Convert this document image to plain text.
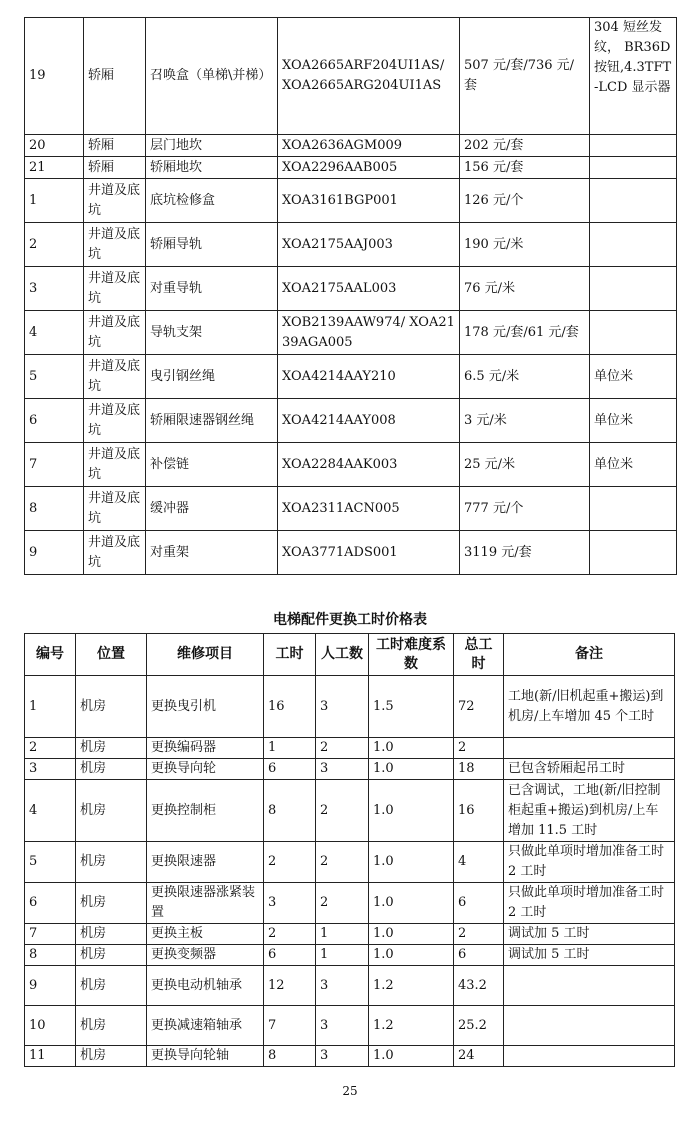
19	轿厢	召唤盒（单梯\并梯）	XOA2665ARF204UI1AS/ XOA2665ARG204UI1AS	507 元/套/736 元/套	304 短丝发纹， BR36D 按钮,4.3TFT-LCD 显示器
20	轿厢	层门地坎	XOA2636AGM009	202 元/套	
21	轿厢	轿厢地坎	XOA2296AAB005	156 元/套	
1	井道及底坑	底坑检修盒	XOA3161BGP001	126 元/个	
2	井道及底坑	轿厢导轨	XOA2175AAJ003	190 元/米	
3	井道及底坑	对重导轨	XOA2175AAL003	76 元/米	
4	井道及底坑	导轨支架	XOB2139AAW974/ XOA2139AGA005	178 元/套/61 元/套	
5	井道及底坑	曳引钢丝绳	XOA4214AAY210	6.5 元/米	单位米
6	井道及底坑	轿厢限速器钢丝绳	XOA4214AAY008	3 元/米	单位米
7	井道及底坑	补偿链	XOA2284AAK003	25 元/米	单位米
8	井道及底坑	缓冲器	XOA2311ACN005	777 元/个	
9	井道及底坑	对重架	XOA3771ADS001	3119 元/套	
电梯配件更换工时价格表
编号	位置	维修项目	工时	人工数	工时难度系数	总工时	备注
1	机房	更换曳引机	16	3	1.5	72	工地(新/旧机起重+搬运)到机房/上车增加 45 个工时
2	机房	更换编码器	1	2	1.0	2	
3	机房	更换导向轮	6	3	1.0	18	已包含轿厢起吊工时
4	机房	更换控制柜	8	2	1.0	16	已含调试，工地(新/旧控制柜起重+搬运)到机房/上车增加 11.5 工时
5	机房	更换限速器	2	2	1.0	4	只做此单项时增加准备工时 2 工时
6	机房	更换限速器涨紧装置	3	2	1.0	6	只做此单项时增加准备工时 2 工时
7	机房	更换主板	2	1	1.0	2	调试加 5 工时
8	机房	更换变频器	6	1	1.0	6	调试加 5 工时
9	机房	更换电动机轴承	12	3	1.2	43.2	
10	机房	更换减速箱轴承	7	3	1.2	25.2	
11	机房	更换导向轮轴	8	3	1.0	24	
25
